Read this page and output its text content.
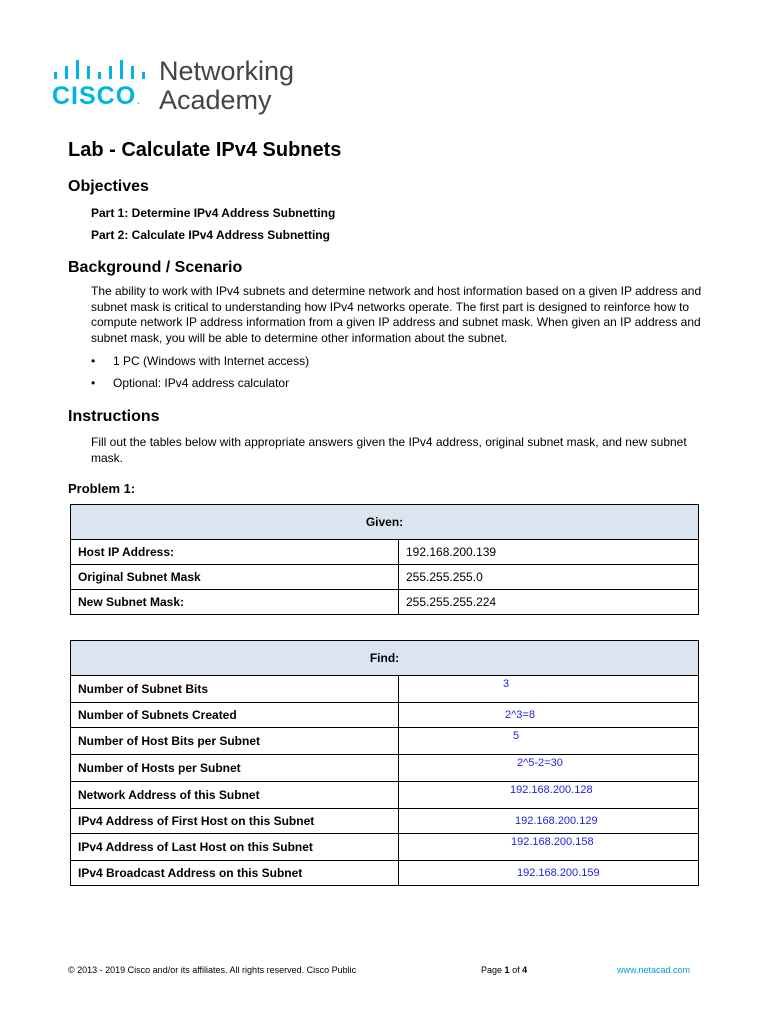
CISCO.
Networking
Academy
Lab - Calculate IPv4 Subnets
Objectives
Part 1: Determine IPv4 Address Subnetting
Part 2: Calculate IPv4 Address Subnetting
Background / Scenario

The ability to work with IPv4 subnets and determine network and host information based on a given IP address and subnet mask is critical to understanding how IPv4 networks operate. The first part is designed to reinforce how to compute network IP address information from a given IP address and subnet mask. When given an IP address and subnet mask, you will be able to determine other information about the subnet.

• 1 PC (Windows with Internet access)
• Optional: IPv4 address calculator
Instructions

Fill out the tables below with appropriate answers given the IPv4 address, original subnet mask, and new subnet mask.

Problem 1:
Given:	
Host IP Address:	192.168.200.139
Original Subnet Mask	255.255.255.0
New Subnet Mask:	255.255.255.224
Find:	
Number of Subnet Bits	3
Number of Subnets Created	2^3=8
Number of Host Bits per Subnet	5
Number of Hosts per Subnet	2^5-2=30
Network Address of this Subnet	192.168.200.128
IPv4 Address of First Host on this Subnet	192.168.200.129
IPv4 Address of Last Host on this Subnet	192.168.200.158
IPv4 Broadcast Address on this Subnet	192.168.200.159
© 2013 - 2019 Cisco and/or its affiliates. All rights reserved. Cisco Public	Page 1 of 4	www.netacad.com
